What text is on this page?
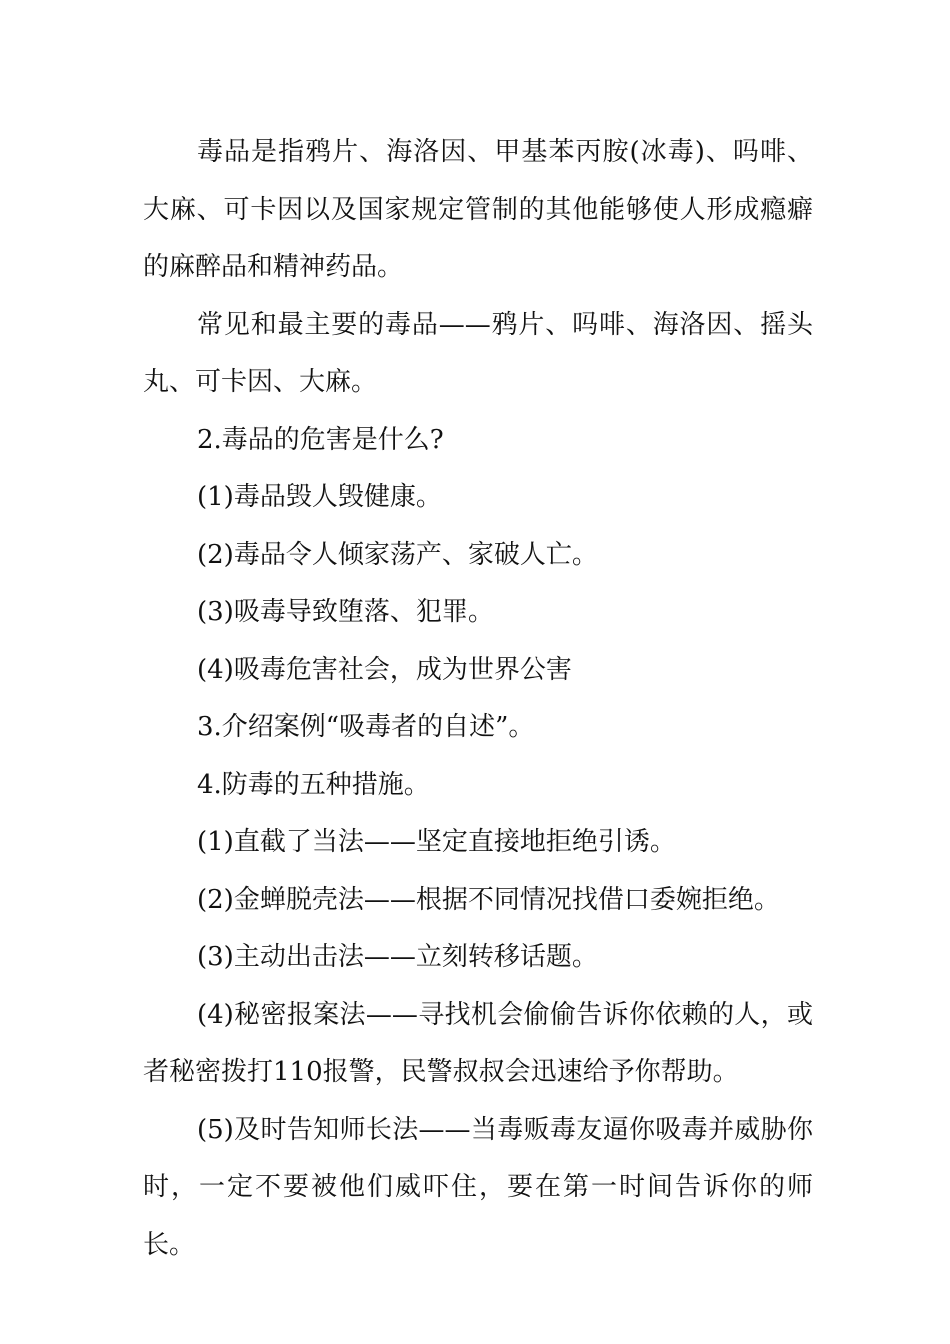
毒品是指鸦片、海洛因、甲基苯丙胺(冰毒)、吗啡、大麻、可卡因以及国家规定管制的其他能够使人形成瘾癖的麻醉品和精神药品。

常见和最主要的毒品——鸦片、吗啡、海洛因、摇头丸、可卡因、大麻。

2.毒品的危害是什么?

(1)毒品毁人毁健康。

(2)毒品令人倾家荡产、家破人亡。

(3)吸毒导致堕落、犯罪。

(4)吸毒危害社会，成为世界公害

3.介绍案例“吸毒者的自述”。

4.防毒的五种措施。

(1)直截了当法——坚定直接地拒绝引诱。

(2)金蝉脱壳法——根据不同情况找借口委婉拒绝。

(3)主动出击法——立刻转移话题。

(4)秘密报案法——寻找机会偷偷告诉你依赖的人，或者秘密拨打110报警，民警叔叔会迅速给予你帮助。

(5)及时告知师长法——当毒贩毒友逼你吸毒并威胁你时，一定不要被他们威吓住，要在第一时间告诉你的师长。
